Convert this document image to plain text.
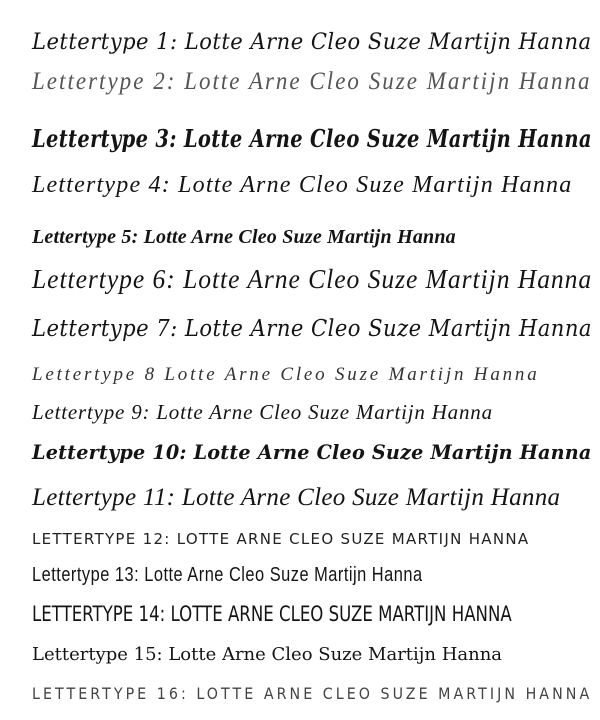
Lettertype 1: Lotte Arne Cleo Suze Martijn Hanna
Lettertype 2: Lotte Arne Cleo Suze Martijn Hanna
Lettertype 3: Lotte Arne Cleo Suze Martijn Hanna
Lettertype 4: Lotte Arne Cleo Suze Martijn Hanna
Lettertype 5: Lotte Arne Cleo Suze Martijn Hanna
Lettertype 6: Lotte Arne Cleo Suze Martijn Hanna
Lettertype 7: Lotte Arne Cleo Suze Martijn Hanna
Lettertype 8 Lotte Arne Cleo Suze Martijn Hanna
Lettertype 9: Lotte Arne Cleo Suze Martijn Hanna
Lettertype 10: Lotte Arne Cleo Suze Martijn Hanna
Lettertype 11: Lotte Arne Cleo Suze Martijn Hanna
LETTERTYPE 12: LOTTE ARNE CLEO SUZE MARTIJN HANNA
Lettertype 13: Lotte Arne Cleo Suze Martijn Hanna
LETTERTYPE 14: LOTTE ARNE CLEO SUZE MARTIJN HANNA
Lettertype 15: Lotte Arne Cleo Suze Martijn Hanna
LETTERTYPE 16: LOTTE ARNE CLEO SUZE MARTIJN HANNA
